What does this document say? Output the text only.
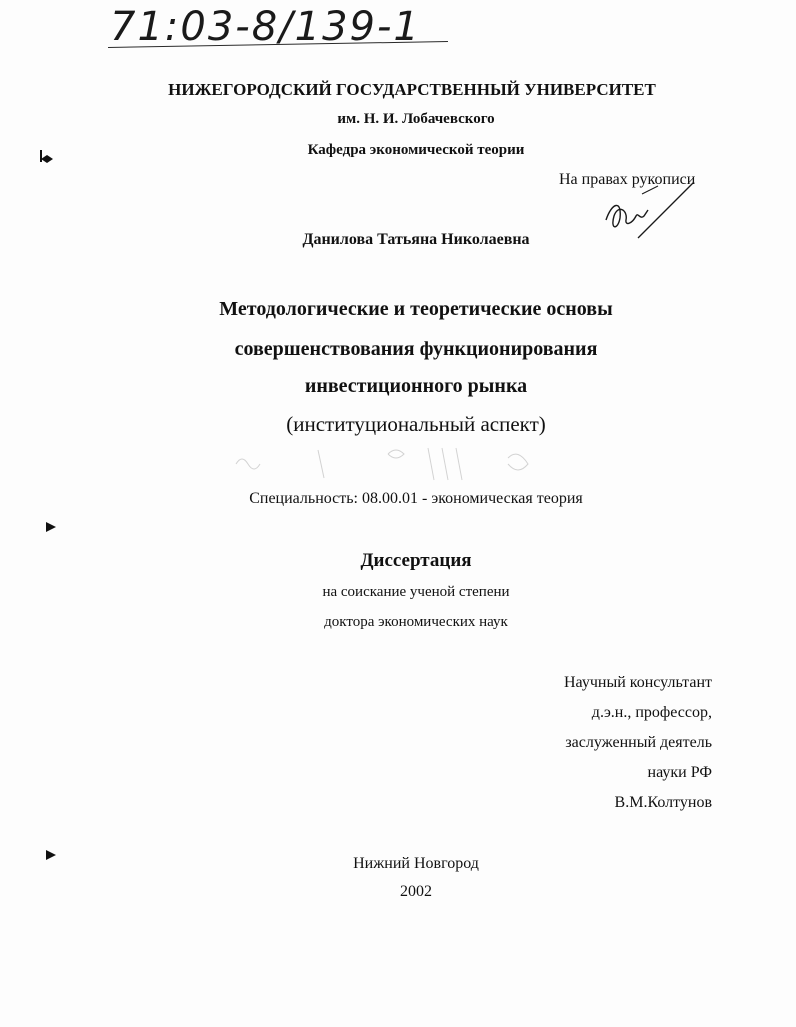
71:03-8/139-1
НИЖЕГОРОДСКИЙ ГОСУДАРСТВЕННЫЙ УНИВЕРСИТЕТ
им. Н. И. Лобачевского
Кафедра экономической теории
На правах рукописи
Данилова Татьяна Николаевна
Методологические и теоретические основы
совершенствования функционирования
инвестиционного рынка
(институциональный аспект)
Специальность: 08.00.01 - экономическая теория
Диссертация
на соискание ученой степени
доктора экономических наук
Научный консультант
д.э.н., профессор,
заслуженный деятель
науки РФ
В.М.Колтунов
Нижний Новгород
2002
